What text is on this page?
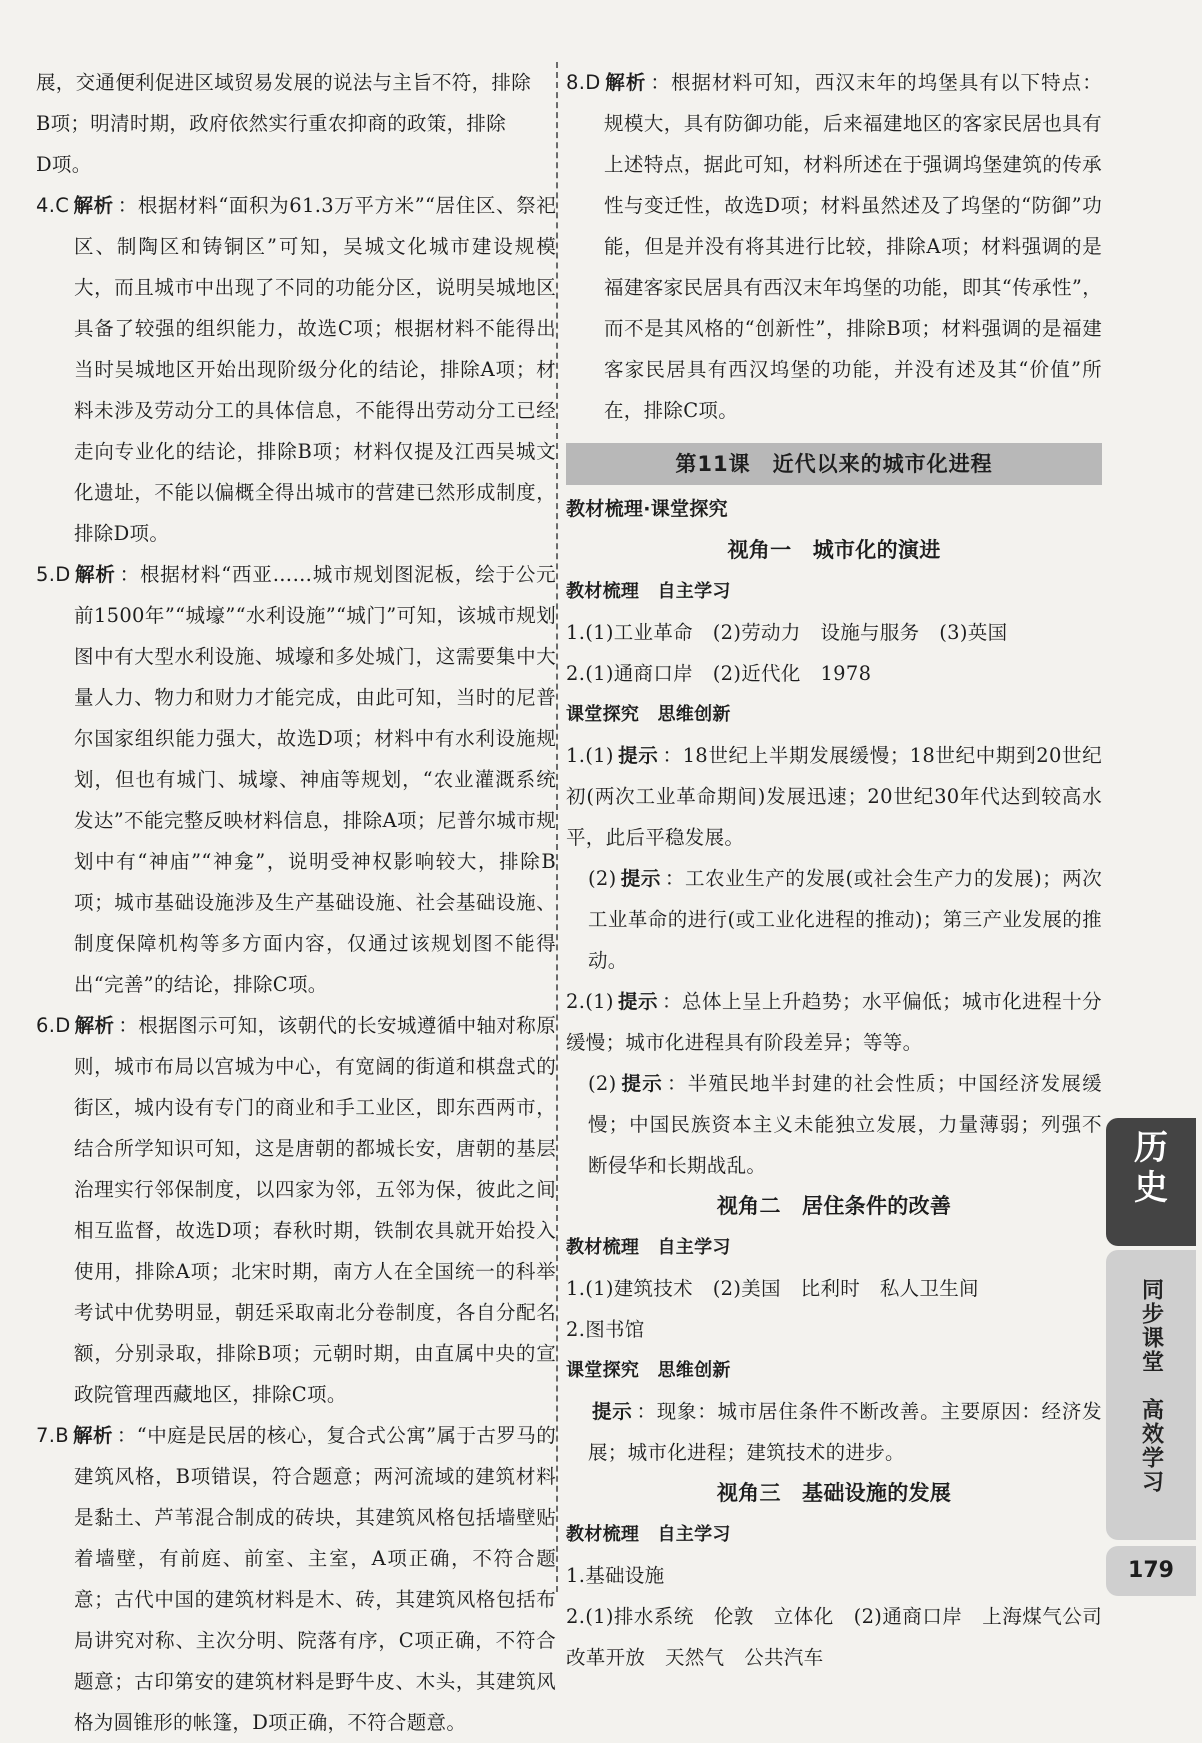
展，交通便利促进区域贸易发展的说法与主旨不符，排除

B项；明清时期，政府依然实行重农抑商的政策，排除

D项。

4.C 解析 ：根据材料“面积为61.3万平方米”“居住区、祭祀区、制陶区和铸铜区”可知，吴城文化城市建设规模大，而且城市中出现了不同的功能分区，说明吴城地区具备了较强的组织能力，故选C项；根据材料不能得出当时吴城地区开始出现阶级分化的结论，排除A项；材料未涉及劳动分工的具体信息，不能得出劳动分工已经走向专业化的结论，排除B项；材料仅提及江西吴城文化遗址，不能以偏概全得出城市的营建已然形成制度，排除D项。

5.D 解析 ：根据材料“西亚……城市规划图泥板，绘于公元前1500年”“城壕”“水利设施”“城门”可知，该城市规划图中有大型水利设施、城壕和多处城门，这需要集中大量人力、物力和财力才能完成，由此可知，当时的尼普尔国家组织能力强大，故选D项；材料中有水利设施规划，但也有城门、城壕、神庙等规划，“农业灌溉系统发达”不能完整反映材料信息，排除A项；尼普尔城市规划中有“神庙”“神龛”，说明受神权影响较大，排除B项；城市基础设施涉及生产基础设施、社会基础设施、制度保障机构等多方面内容，仅通过该规划图不能得出“完善”的结论，排除C项。

6.D 解析 ：根据图示可知，该朝代的长安城遵循中轴对称原则，城市布局以宫城为中心，有宽阔的街道和棋盘式的街区，城内设有专门的商业和手工业区，即东西两市，结合所学知识可知，这是唐朝的都城长安，唐朝的基层治理实行邻保制度，以四家为邻，五邻为保，彼此之间相互监督，故选D项；春秋时期，铁制农具就开始投入使用，排除A项；北宋时期，南方人在全国统一的科举考试中优势明显，朝廷采取南北分卷制度，各自分配名额，分别录取，排除B项；元朝时期，由直属中央的宣政院管理西藏地区，排除C项。

7.B 解析 ：“中庭是民居的核心，复合式公寓”属于古罗马的建筑风格，B项错误，符合题意；两河流域的建筑材料是黏土、芦苇混合制成的砖块，其建筑风格包括墙壁贴着墙壁，有前庭、前室、主室，A项正确，不符合题意；古代中国的建筑材料是木、砖，其建筑风格包括布局讲究对称、主次分明、院落有序，C项正确，不符合题意；古印第安的建筑材料是野牛皮、木头，其建筑风格为圆锥形的帐篷，D项正确，不符合题意。

8.D 解析 ：根据材料可知，西汉末年的坞堡具有以下特点：规模大，具有防御功能，后来福建地区的客家民居也具有上述特点，据此可知，材料所述在于强调坞堡建筑的传承性与变迁性，故选D项；材料虽然述及了坞堡的“防御”功能，但是并没有将其进行比较，排除A项；材料强调的是福建客家民居具有西汉末年坞堡的功能，即其“传承性”，而不是其风格的“创新性”，排除B项；材料强调的是福建客家民居具有西汉坞堡的功能，并没有述及其“价值”所在，排除C项。

第11课　近代以来的城市化进程
教材梳理·课堂探究
视角一　城市化的演进
教材梳理　自主学习

1.(1)工业革命　(2)劳动力　设施与服务　(3)英国

2.(1)通商口岸　(2)近代化　1978

课堂探究　思维创新

1.(1) 提示 ：18世纪上半期发展缓慢；18世纪中期到20世纪初(两次工业革命期间)发展迅速；20世纪30年代达到较高水平，此后平稳发展。

(2) 提示 ：工农业生产的发展(或社会生产力的发展)；两次工业革命的进行(或工业化进程的推动)；第三产业发展的推动。

2.(1) 提示 ：总体上呈上升趋势；水平偏低；城市化进程十分缓慢；城市化进程具有阶段差异；等等。

(2) 提示 ：半殖民地半封建的社会性质；中国经济发展缓慢；中国民族资本主义未能独立发展，力量薄弱；列强不断侵华和长期战乱。

视角二　居住条件的改善
教材梳理　自主学习

1.(1)建筑技术　(2)美国　比利时　私人卫生间

2.图书馆

课堂探究　思维创新

提示 ：现象：城市居住条件不断改善。主要原因：经济发展；城市化进程；建筑技术的进步。

视角三　基础设施的发展
教材梳理　自主学习

1.基础设施

2.(1)排水系统　伦敦　立体化　(2)通商口岸　上海煤气公司　改革开放　天然气　公共汽车

历史
同步课堂　高效学习
179
